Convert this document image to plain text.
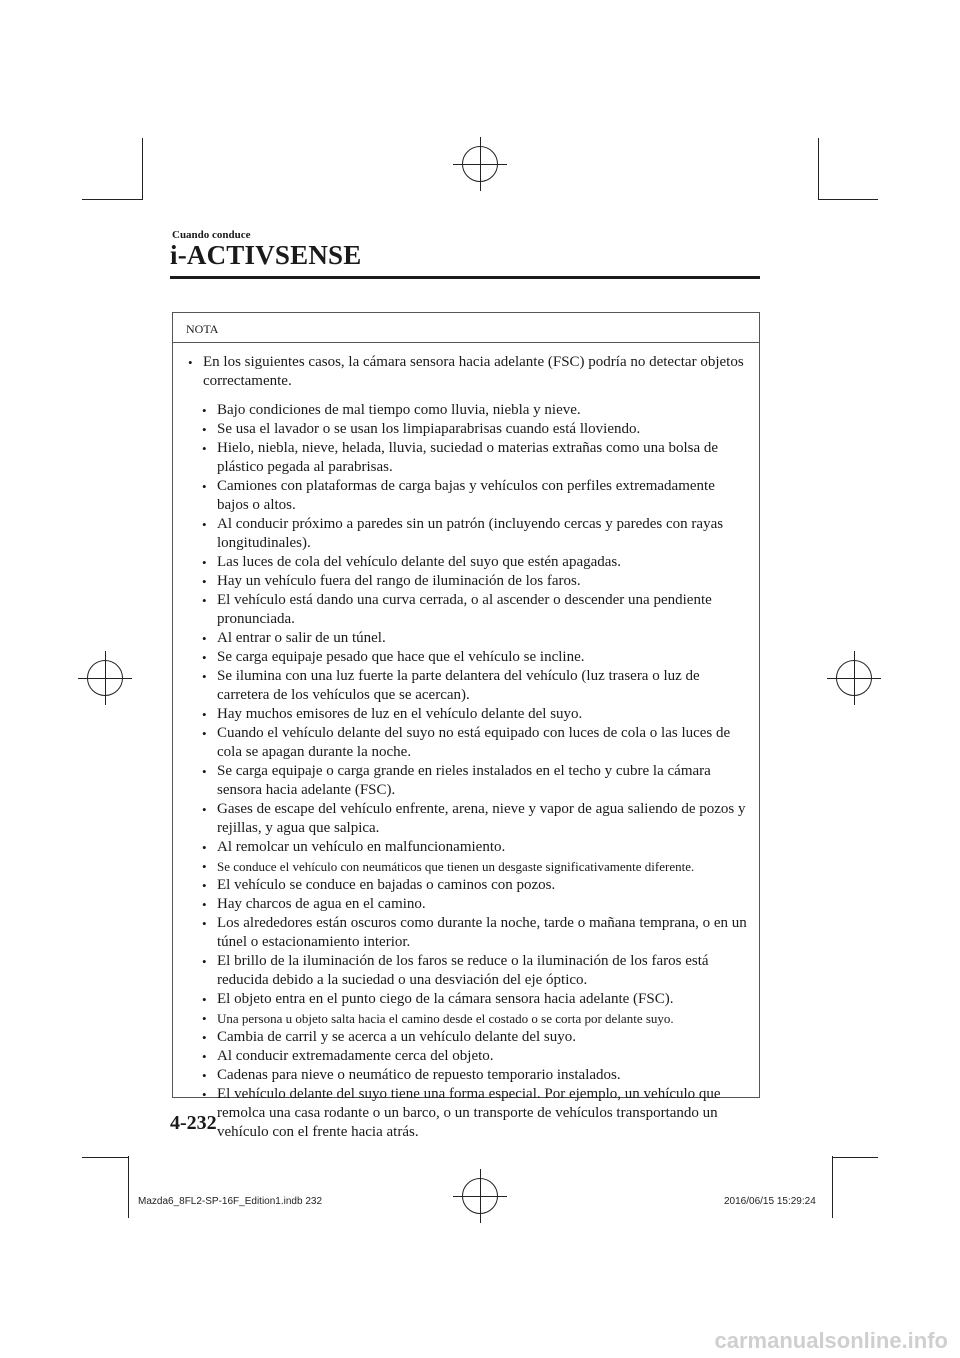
Cuando conduce
i-ACTIVSENSE
NOTA
• En los siguientes casos, la cámara sensora hacia adelante (FSC) podría no detectar objetos correctamente.
• Bajo condiciones de mal tiempo como lluvia, niebla y nieve.
• Se usa el lavador o se usan los limpiaparabrisas cuando está lloviendo.
• Hielo, niebla, nieve, helada, lluvia, suciedad o materias extrañas como una bolsa de plástico pegada al parabrisas.
• Camiones con plataformas de carga bajas y vehículos con perfiles extremadamente bajos o altos.
• Al conducir próximo a paredes sin un patrón (incluyendo cercas y paredes con rayas longitudinales).
• Las luces de cola del vehículo delante del suyo que estén apagadas.
• Hay un vehículo fuera del rango de iluminación de los faros.
• El vehículo está dando una curva cerrada, o al ascender o descender una pendiente pronunciada.
• Al entrar o salir de un túnel.
• Se carga equipaje pesado que hace que el vehículo se incline.
• Se ilumina con una luz fuerte la parte delantera del vehículo (luz trasera o luz de carretera de los vehículos que se acercan).
• Hay muchos emisores de luz en el vehículo delante del suyo.
• Cuando el vehículo delante del suyo no está equipado con luces de cola o las luces de cola se apagan durante la noche.
• Se carga equipaje o carga grande en rieles instalados en el techo y cubre la cámara sensora hacia adelante (FSC).
• Gases de escape del vehículo enfrente, arena, nieve y vapor de agua saliendo de pozos y rejillas, y agua que salpica.
• Al remolcar un vehículo en malfuncionamiento.
• Se conduce el vehículo con neumáticos que tienen un desgaste significativamente diferente.
• El vehículo se conduce en bajadas o caminos con pozos.
• Hay charcos de agua en el camino.
• Los alrededores están oscuros como durante la noche, tarde o mañana temprana, o en un túnel o estacionamiento interior.
• El brillo de la iluminación de los faros se reduce o la iluminación de los faros está reducida debido a la suciedad o una desviación del eje óptico.
• El objeto entra en el punto ciego de la cámara sensora hacia adelante (FSC).
• Una persona u objeto salta hacia el camino desde el costado o se corta por delante suyo.
• Cambia de carril y se acerca a un vehículo delante del suyo.
• Al conducir extremadamente cerca del objeto.
• Cadenas para nieve o neumático de repuesto temporario instalados.
• El vehículo delante del suyo tiene una forma especial. Por ejemplo, un vehículo que remolca una casa rodante o un barco, o un transporte de vehículos transportando un vehículo con el frente hacia atrás.
4-232
Mazda6_8FL2-SP-16F_Edition1.indb 232	2016/06/15 15:29:24
carmanualsonline.info
